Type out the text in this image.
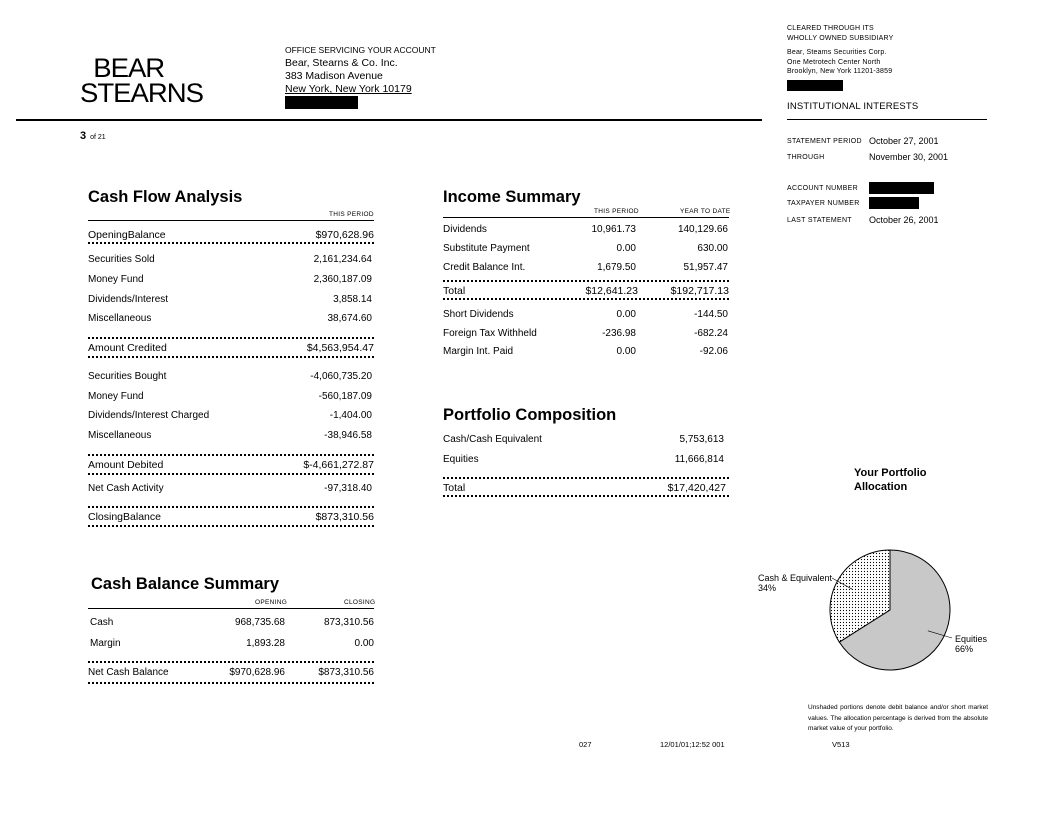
BEAR
STEARNS
OFFICE SERVICING YOUR ACCOUNT
Bear, Stearns & Co. Inc.
383 Madison Avenue
New York, New York 10179
3 of 21
CLEARED THROUGH ITS
WHOLLY OWNED SUBSIDIARY
Bear, Steams Securities Corp.
One Metrotech Center North
Brooklyn, New York 11201-3859
INSTITUTIONAL INTERESTS
STATEMENT PERIOD October 27, 2001
THROUGH	November 30, 2001
ACCOUNT NUMBER
TAXPAYER NUMBER
LAST STATEMENT October 26, 2001
Cash Flow Analysis
THIS PERIOD
OpeningBalance	$970,628.96
Securities Sold	2,161,234.64
Money Fund	2,360,187.09
Dividends/Interest	3,858.14
Miscellaneous	38,674.60
Amount Credited	$4,563,954.47
Securities Bought	-4,060,735.20
Money Fund	-560,187.09
Dividends/Interest Charged	-1,404.00
Miscellaneous	-38,946.58
Amount Debited	$-4,661,272.87
Net Cash Activity	-97,318.40
ClosingBalance	$873,310.56
Income Summary
THIS PERIOD	YEAR TO DATE
Dividends	10,961.73	140,129.66
Substitute Payment	0.00	630.00
Credit Balance Int.	1,679.50	51,957.47
Total	$12,641.23	$192,717.13
Short Dividends	0.00	-144.50
Foreign Tax Withheld	-236.98	-682.24
Margin Int. Paid	0.00	-92.06
Portfolio Composition
Cash/Cash Equivalent	5,753,613
Equities	11,666,814
Total	$17,420,427
Cash Balance Summary
OPENING	CLOSING
Cash	968,735.68	873,310.56
Margin	1,893.28	0.00
Net Cash Balance	$970,628.96	$873,310.56
Your Portfolio
Allocation
Cash & Equivalent
34%
Equities
66%
Unshaded portions denote debit balance and/or short market values. The allocation percentage is derived from the absolute market value of your portfolio.
027	12/01/01;12:52 001	V513
